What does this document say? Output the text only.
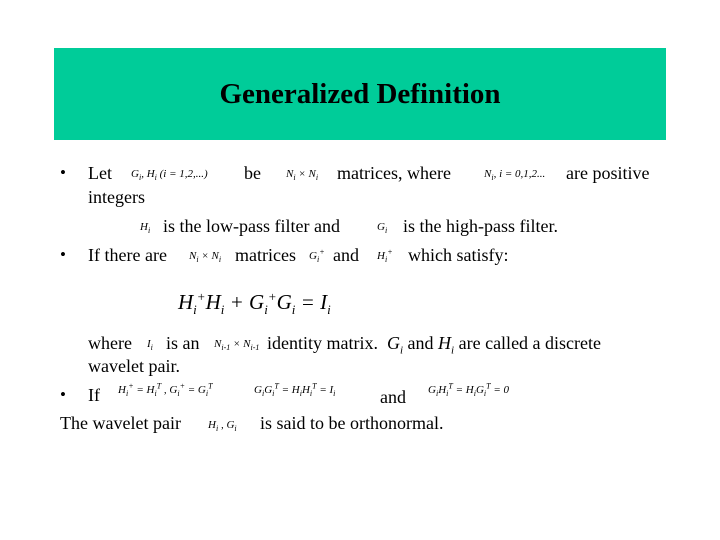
Generalized Definition
• Let $G_i$, $H_i$ (i = 1,2,...) be $N_i \times N_i$ matrices, where	$N_i$, i = 0,1,2... are positive
integers
$H_i$ is the low-pass filter and	$G_i$ is the high-pass filter.
• If there are $N_i \times N_i$ matrices $G_i^+$ and $H_i^+$ which satisfy:
$H_i^+H_i + G_i^+G_i = I_i$
where $I_i$ is an $N_{i-1} \times N_{i-1}$ identity matrix. $G_i$ and $H_i$ are called a discrete
wavelet pair.
• If $H_i^+ = H_i^T$ , $G_i^+ = G_i^T$	$G_iG_i^T = H_iH_i^T = I_i$ and $G_iH_i^T = H_iG_i^T = 0$
The wavelet pair $H_i$ , $G_i$ is said to be orthonormal.
